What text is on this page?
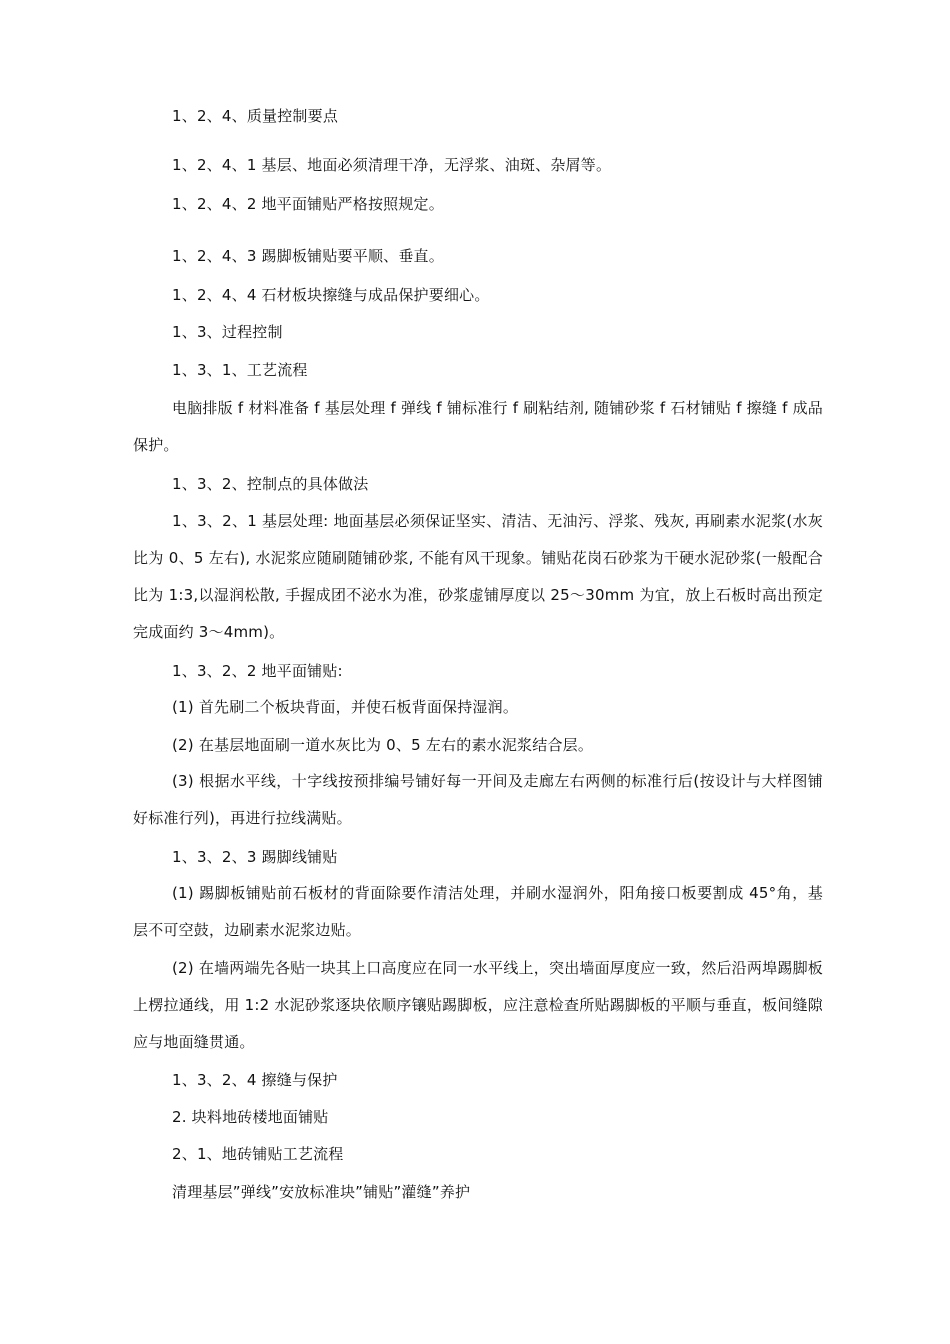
1、2、4、质量控制要点
1、2、4、1 基层、地面必须清理干净，无浮浆、油斑、杂屑等。
1、2、4、2 地平面铺贴严格按照规定。
1、2、4、3 踢脚板铺贴要平顺、垂直。
1、2、4、4 石材板块擦缝与成品保护要细心。
1、3、过程控制
1、3、1、工艺流程
电脑排版 f 材料准备 f 基层处理 f 弹线 f 铺标准行 f 刷粘结剂, 随铺砂浆 f 石材铺贴 f 擦缝 f 成品保护。
1、3、2、控制点的具体做法
1、3、2、1 基层处理: 地面基层必须保证坚实、清洁、无油污、浮浆、残灰, 再刷素水泥浆(水灰比为 0、5 左右), 水泥浆应随刷随铺砂浆, 不能有风干现象。铺贴花岗石砂浆为干硬水泥砂浆(一般配合比为 1:3,以湿润松散, 手握成团不泌水为准，砂浆虚铺厚度以 25〜30mm 为宜，放上石板时高出预定完成面约 3〜4mm)。
1、3、2、2 地平面铺贴:
(1) 首先刷二个板块背面，并使石板背面保持湿润。
(2) 在基层地面刷一道水灰比为 0、5 左右的素水泥浆结合层。
(3) 根据水平线，十字线按预排编号铺好每一开间及走廊左右两侧的标准行后(按设计与大样图铺好标准行列)，再进行拉线满贴。
1、3、2、3 踢脚线铺贴
(1) 踢脚板铺贴前石板材的背面除要作清洁处理，并刷水湿润外，阳角接口板要割成 45°角，基层不可空鼓，边刷素水泥浆边贴。
(2) 在墙两端先各贴一块其上口高度应在同一水平线上，突出墙面厚度应一致，然后沿两埠踢脚板上楞拉通线，用 1:2 水泥砂浆逐块依顺序镶贴踢脚板，应注意检查所贴踢脚板的平顺与垂直，板间缝隙应与地面缝贯通。
1、3、2、4 擦缝与保护
2. 块料地砖楼地面铺贴
2、1、地砖铺贴工艺流程
清理基层”弹线”安放标准块”铺贴”灌缝”养护
